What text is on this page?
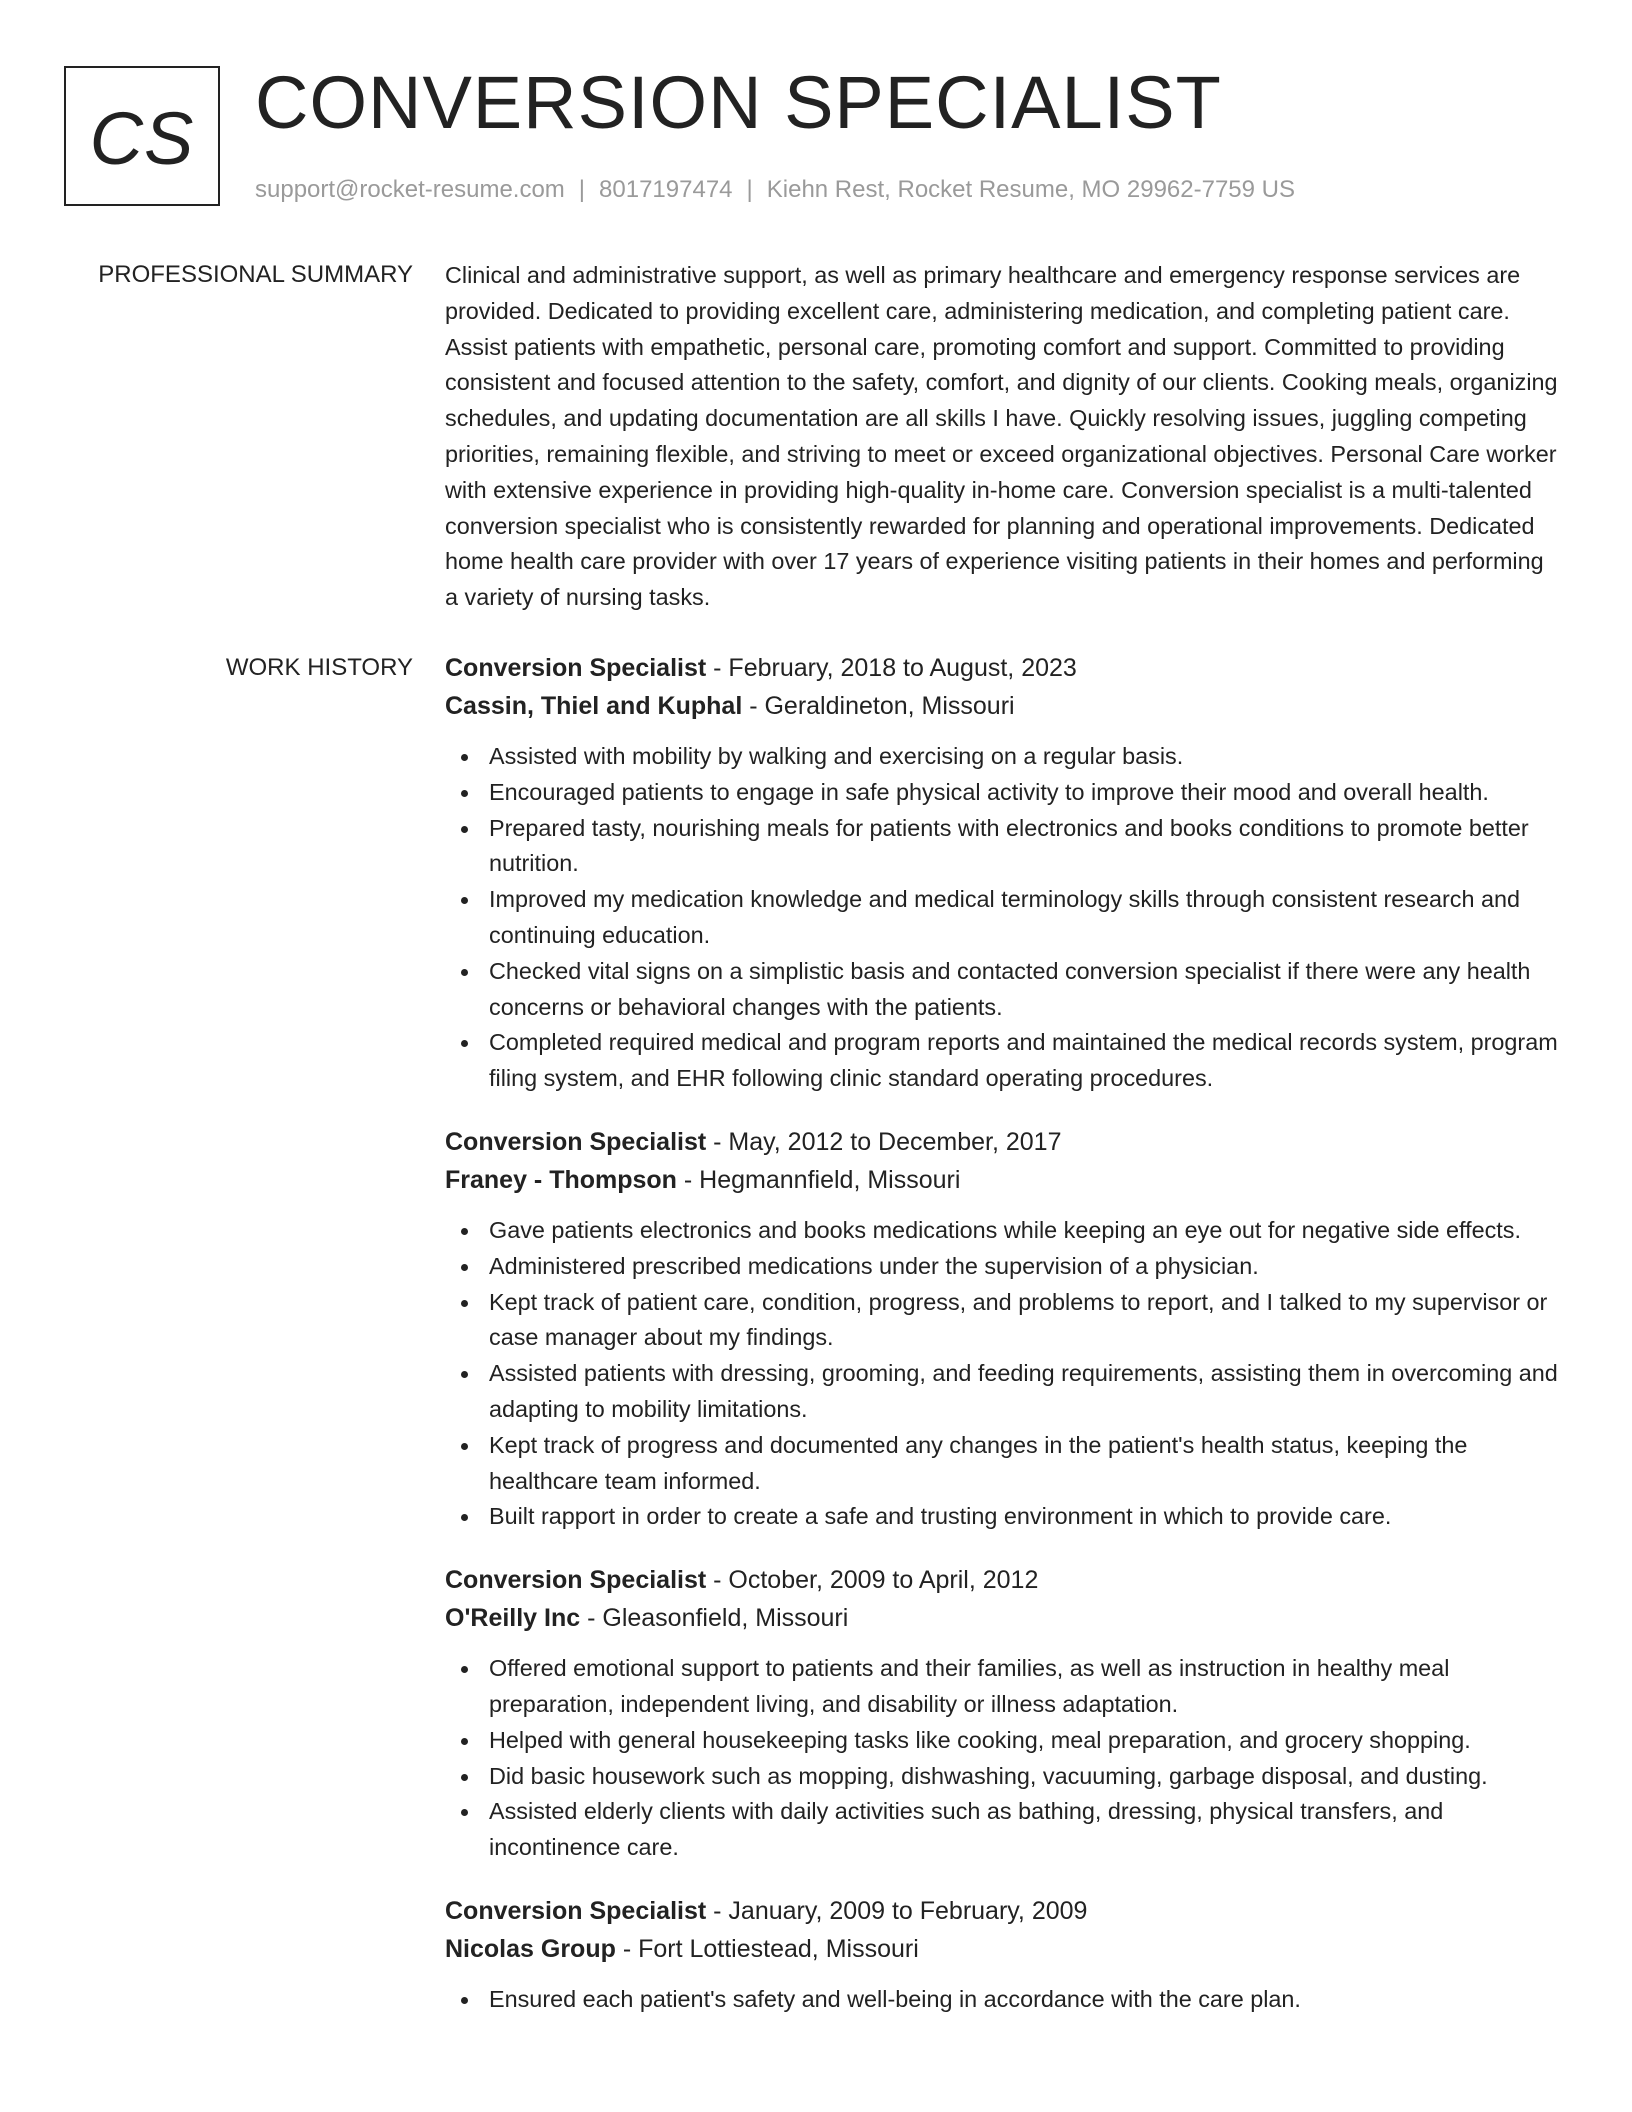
CS CONVERSION SPECIALIST
support@rocket-resume.com | 8017197474 | Kiehn Rest, Rocket Resume, MO 29962-7759 US
PROFESSIONAL SUMMARY Clinical and administrative support, as well as primary healthcare and emergency response services are provided. Dedicated to providing excellent care, administering medication, and completing patient care. Assist patients with empathetic, personal care, promoting comfort and support. Committed to providing consistent and focused attention to the safety, comfort, and dignity of our clients. Cooking meals, organizing schedules, and updating documentation are all skills I have. Quickly resolving issues, juggling competing priorities, remaining flexible, and striving to meet or exceed organizational objectives. Personal Care worker with extensive experience in providing high-quality in-home care. Conversion specialist is a multi-talented conversion specialist who is consistently rewarded for planning and operational improvements. Dedicated home health care provider with over 17 years of experience visiting patients in their homes and performing a variety of nursing tasks.

WORK HISTORY Conversion Specialist - February, 2018 to August, 2023
Cassin, Thiel and Kuphal - Geraldineton, Missouri
Assisted with mobility by walking and exercising on a regular basis.
Encouraged patients to engage in safe physical activity to improve their mood and overall health.
Prepared tasty, nourishing meals for patients with electronics and books conditions to promote better nutrition.
Improved my medication knowledge and medical terminology skills through consistent research and continuing education.
Checked vital signs on a simplistic basis and contacted conversion specialist if there were any health concerns or behavioral changes with the patients.
Completed required medical and program reports and maintained the medical records system, program filing system, and EHR following clinic standard operating procedures.
Conversion Specialist - May, 2012 to December, 2017
Franey - Thompson - Hegmannfield, Missouri
Gave patients electronics and books medications while keeping an eye out for negative side effects.
Administered prescribed medications under the supervision of a physician.
Kept track of patient care, condition, progress, and problems to report, and I talked to my supervisor or case manager about my findings.
Assisted patients with dressing, grooming, and feeding requirements, assisting them in overcoming and adapting to mobility limitations.
Kept track of progress and documented any changes in the patient's health status, keeping the healthcare team informed.
Built rapport in order to create a safe and trusting environment in which to provide care.
Conversion Specialist - October, 2009 to April, 2012
O'Reilly Inc - Gleasonfield, Missouri
Offered emotional support to patients and their families, as well as instruction in healthy meal preparation, independent living, and disability or illness adaptation.
Helped with general housekeeping tasks like cooking, meal preparation, and grocery shopping.
Did basic housework such as mopping, dishwashing, vacuuming, garbage disposal, and dusting.
Assisted elderly clients with daily activities such as bathing, dressing, physical transfers, and incontinence care.
Conversion Specialist - January, 2009 to February, 2009
Nicolas Group - Fort Lottiestead, Missouri
Ensured each patient's safety and well-being in accordance with the care plan.
